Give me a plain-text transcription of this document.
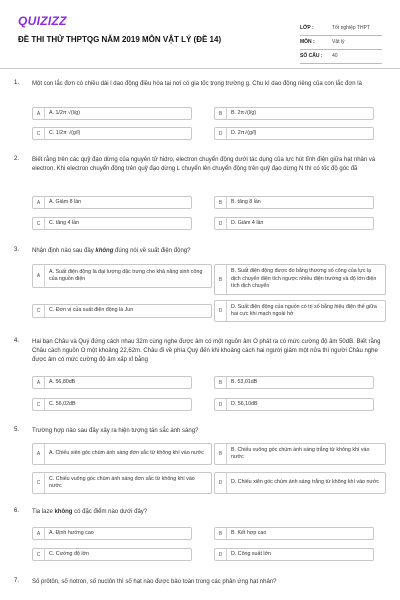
QUIZIZZ
ĐỀ THI THỬ THPTQG NĂM 2019 MÔN VẬT LÝ (ĐỀ 14)
LỚP :	Tốt nghiệp THPT
MÔN :	Vật lý
SỐ CÂU : 40
1. Một con lắc đơn có chiều dài l dao động điều hòa tại nơi có gia tốc trọng trường g. Chu kì dao động riêng của con lắc đơn là
A	A. 1/2π √(l/g)	B	B. 2π√(l/g)
C	C. 1/2π √(g/l)	D	D. 2π√(g/l)
2. Biết rằng trên các quỹ đạo dừng của nguyên tử hidro, electron chuyển động dưới tác dụng của lực hút tĩnh điện giữa hạt nhân và electron. Khi electron chuyển động trên quỹ đạo dừng L chuyển lên chuyển động trên quỹ đạo dừng N thì có tốc độ góc đã
A	A. Giảm 8 lần	B	B. tăng 8 lần
C	C. tăng 4 lần	D	D. Giảm 4 lần
3. Nhận định nào sau đây không đúng nói về suất điện động?
A
A. Suất điện động là đại lượng đặc trưng cho khả năng sinh công của nguồn điện	B
B. Suất điện động được đo bằng thương số công của lực lạ dịch chuyển điện tích ngược nhiều điện trường và độ lớn điện tích dịch chuyển
C	C. Đơn vị của suất điện động là Jun	D
D. Suất điện động của nguồn có trị số bằng hiệu điện thế giữa hai cực khi mạch ngoài hở
4. Hai bạn Châu và Quý đứng cách nhau 32m cùng nghe được âm có một nguồn âm O phát ra có mức cường độ âm 50dB. Biết rằng Châu cách nguồn O một khoảng 22,62m. Châu đi về phía Quý đến khi khoảng cách hai người giảm một nửa thì người Châu nghe được âm có mức cường độ âm xấp xỉ bằng
A	A. 56,80dB	B	B. 53,01dB
C	C. 56,02dB	D	D. 56,10dB
5. Trường hợp nào sau đây xảy ra hiện tượng tán sắc ánh sáng?
A	A. Chiếu xiên góc chùm ánh sáng đơn sắc từ không khí vào nước	B
B. Chiếu vuông góc chùm ánh sáng trắng từ không khí vào nước
C
C. Chiếu vuông góc chùm ánh sáng đơn sắc từ không khí vào nước	D	D. Chiếu xiên góc chùm ánh sáng trắng từ không khí vào nước
6. Tia laze không có đặc điểm nào dưới đây?
A	A. Định hướng cao	B	B. Kết hợp cao
C	C. Cường độ lớn	D	D. Công suất lớn
7. Số prôtôn, số notron, số nuclôn thì số hạt nào được bảo toàn trong các phản ứng hạt nhân?
